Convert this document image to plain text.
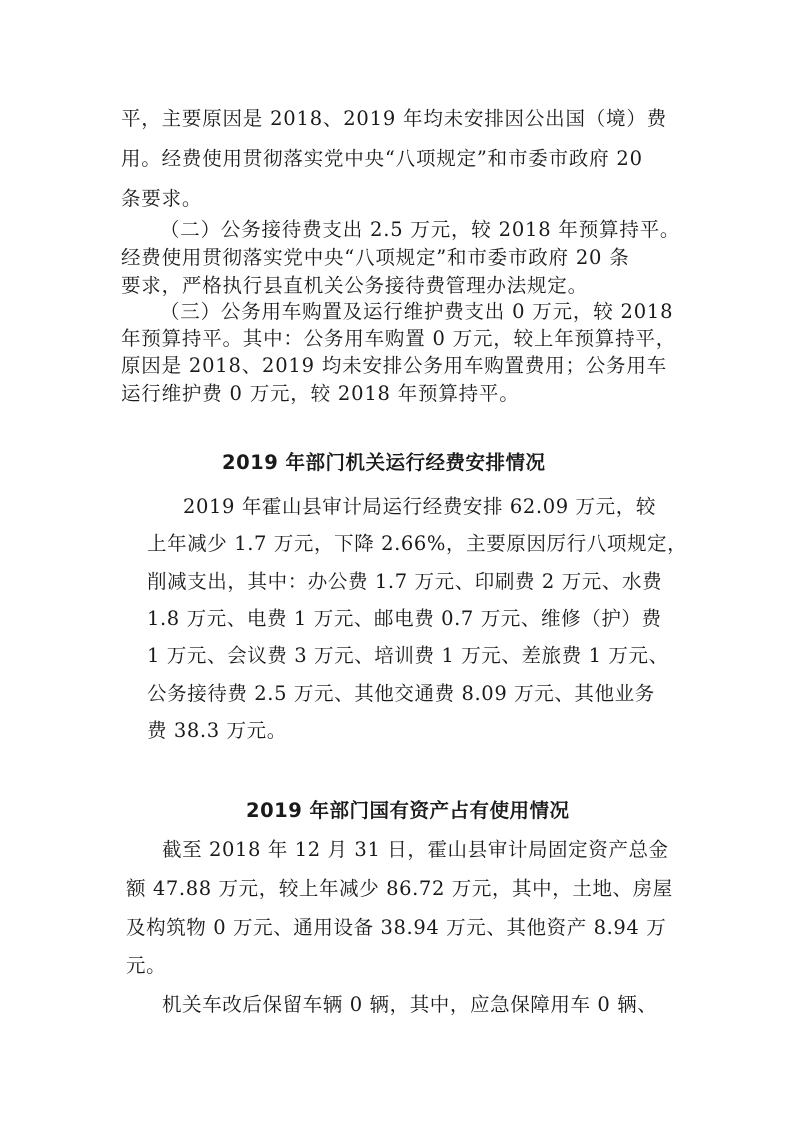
平，主要原因是 2018、2019 年均未安排因公出国（境）费
用。经费使用贯彻落实党中央“八项规定”和市委市政府 20
条要求。
（二）公务接待费支出 2.5 万元，较 2018 年预算持平。
经费使用贯彻落实党中央“八项规定”和市委市政府 20 条
要求，严格执行县直机关公务接待费管理办法规定。
（三）公务用车购置及运行维护费支出 0 万元，较 2018
年预算持平。其中：公务用车购置 0 万元，较上年预算持平，
原因是 2018、2019 均未安排公务用车购置费用；公务用车
运行维护费 0 万元，较 2018 年预算持平。
2019 年部门机关运行经费安排情况
2019 年霍山县审计局运行经费安排 62.09 万元，较
上年减少 1.7 万元，下降 2.66%，主要原因厉行八项规定，
削减支出，其中：办公费 1.7 万元、印刷费 2 万元、水费
1.8 万元、电费 1 万元、邮电费 0.7 万元、维修（护）费
1 万元、会议费 3 万元、培训费 1 万元、差旅费 1 万元、
公务接待费 2.5 万元、其他交通费 8.09 万元、其他业务
费 38.3 万元。
2019 年部门国有资产占有使用情况
截至 2018 年 12 月 31 日，霍山县审计局固定资产总金
额 47.88 万元，较上年减少 86.72 万元，其中，土地、房屋
及构筑物 0 万元、通用设备 38.94 万元、其他资产 8.94 万
元。
机关车改后保留车辆 0 辆，其中，应急保障用车 0 辆、
